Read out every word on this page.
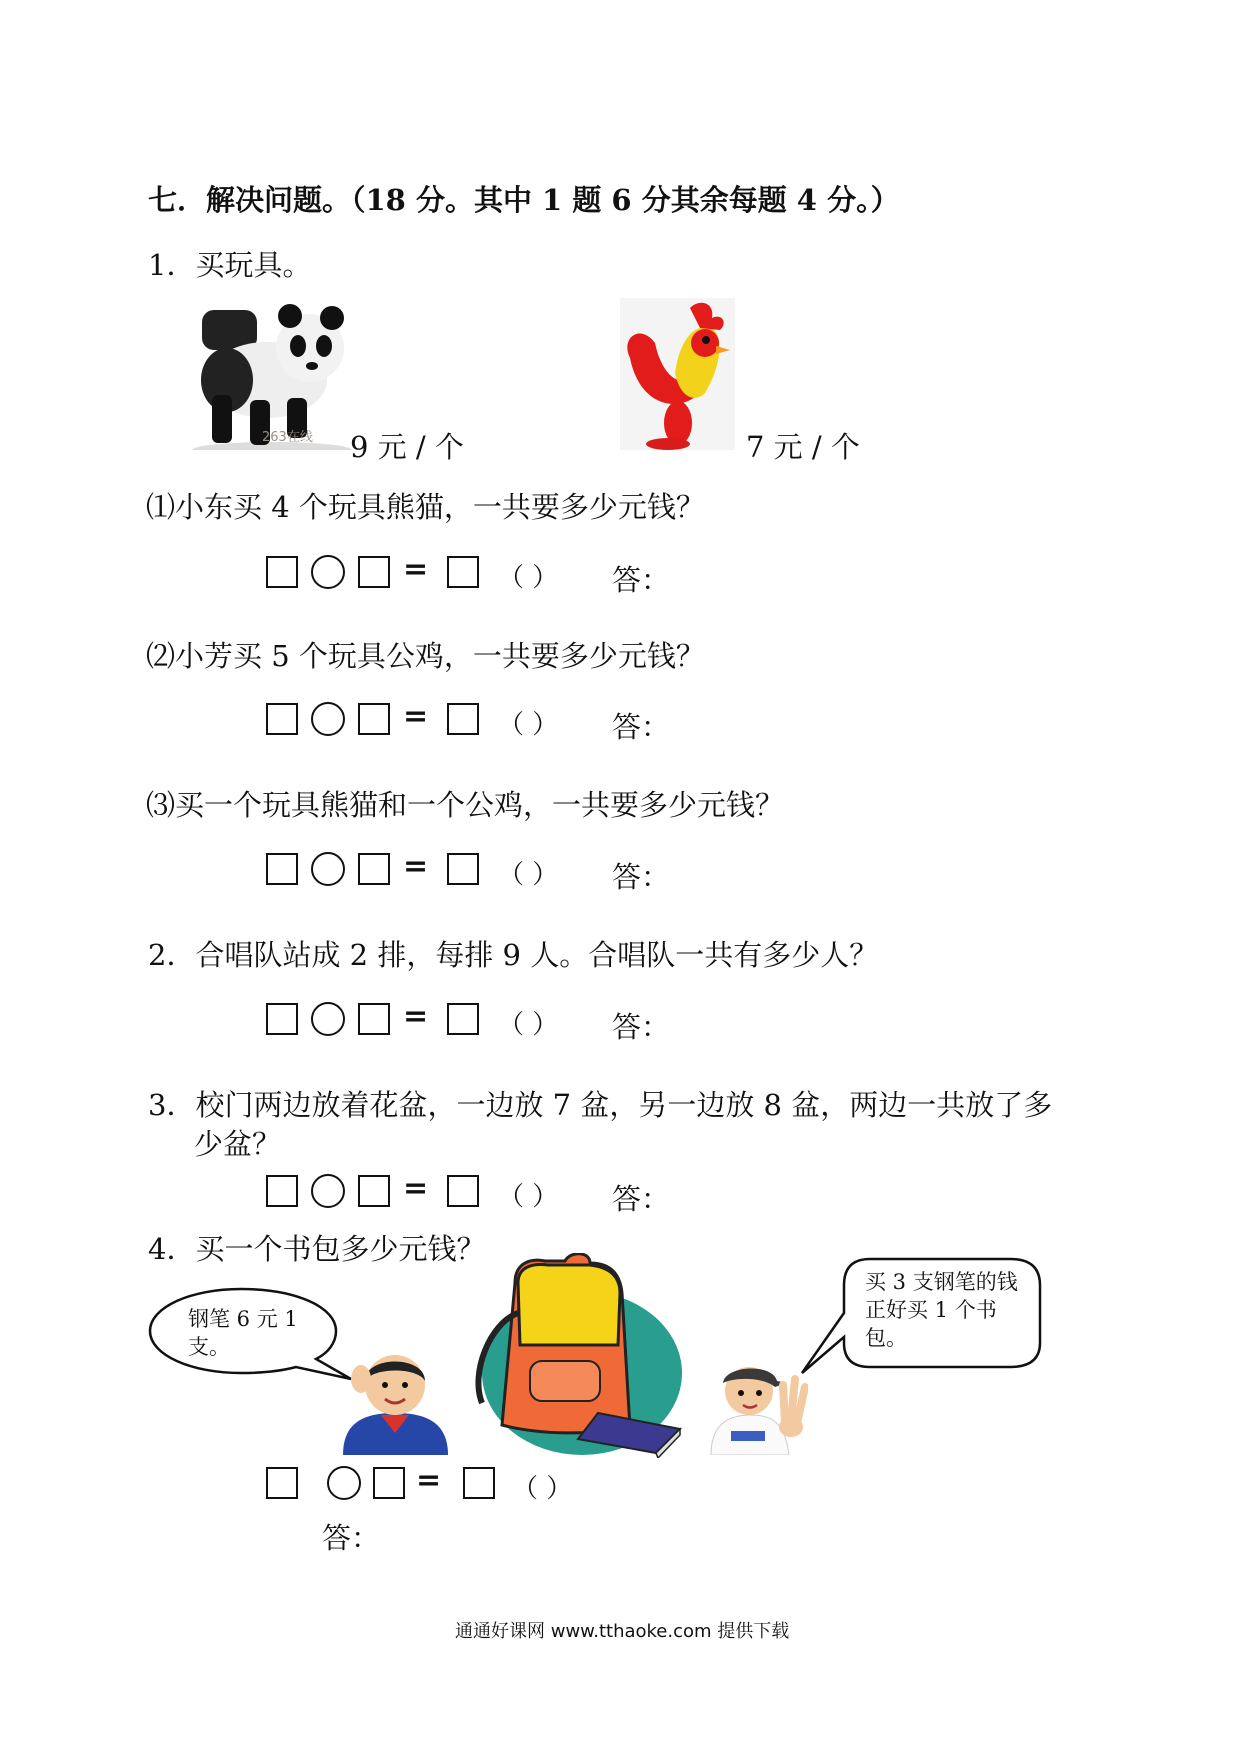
七．解决问题。（18 分。其中 1 题 6 分其余每题 4 分。）
1．买玩具。
263在线 9 元 / 个	7 元 / 个
⑴小东买 4 个玩具熊猫，一共要多少元钱？
=	（ ） 答：
⑵小芳买 5 个玩具公鸡，一共要多少元钱？
=	（ ） 答：
⑶买一个玩具熊猫和一个公鸡，一共要多少元钱？
=	（ ） 答：
2．合唱队站成 2 排，每排 9 人。合唱队一共有多少人？
=	（ ） 答：
3．校门两边放着花盆，一边放 7 盆，另一边放 8 盆，两边一共放了多
少盆？
=	（ ） 答：
4．买一个书包多少元钱？
钢笔 6 元 1
支。
买 3 支钢笔的钱
正好买 1 个书
包。
=	（ ）
答：
通通好课网 www.tthaoke.com 提供下载
